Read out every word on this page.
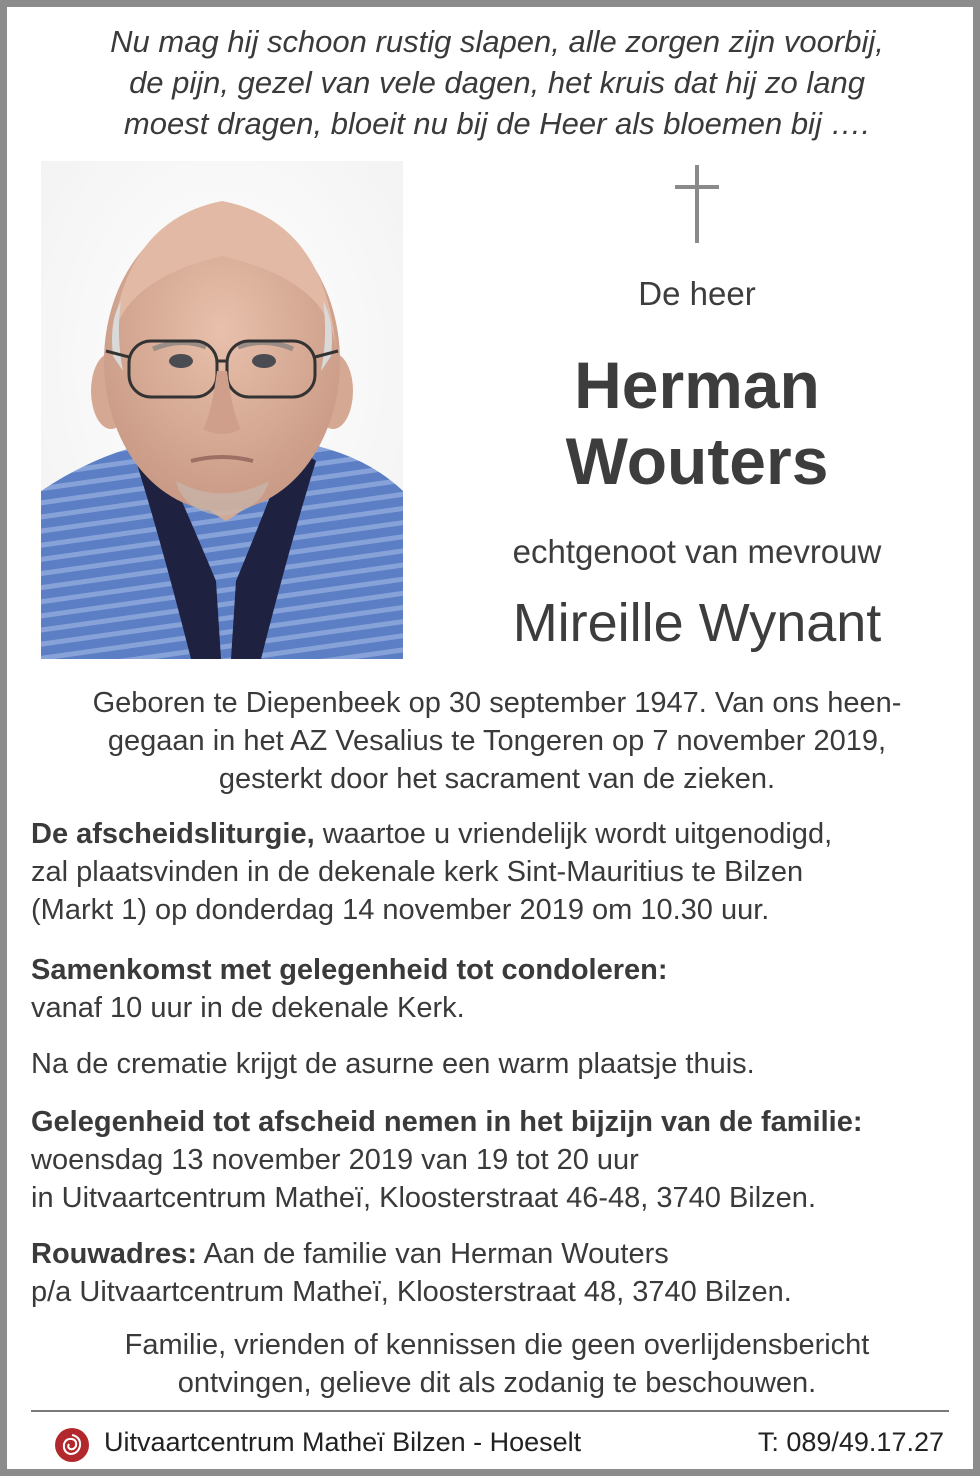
Nu mag hij schoon rustig slapen, alle zorgen zijn voorbij,
de pijn, gezel van vele dagen, het kruis dat hij zo lang
moest dragen, bloeit nu bij de Heer als bloemen bij ….
De heer
Herman
Wouters
echtgenoot van mevrouw
Mireille Wynant
Geboren te Diepenbeek op 30 september 1947. Van ons heen-
gegaan in het AZ Vesalius te Tongeren op 7 november 2019,
gesterkt door het sacrament van de zieken.
De afscheidsliturgie, waartoe u vriendelijk wordt uitgenodigd,
zal plaatsvinden in de dekenale kerk Sint-Mauritius te Bilzen
(Markt 1) op donderdag 14 november 2019 om 10.30 uur.
Samenkomst met gelegenheid tot condoleren:
vanaf 10 uur in de dekenale Kerk.
Na de crematie krijgt de asurne een warm plaatsje thuis.
Gelegenheid tot afscheid nemen in het bijzijn van de familie:
woensdag 13 november 2019 van 19 tot 20 uur
in Uitvaartcentrum Matheï, Kloosterstraat 46-48, 3740 Bilzen.
Rouwadres: Aan de familie van Herman Wouters
p/a Uitvaartcentrum Matheï, Kloosterstraat 48, 3740 Bilzen.
Familie, vrienden of kennissen die geen overlijdensbericht
ontvingen, gelieve dit als zodanig te beschouwen.
Uitvaartcentrum Matheï Bilzen - Hoeselt	T: 089/49.17.27
